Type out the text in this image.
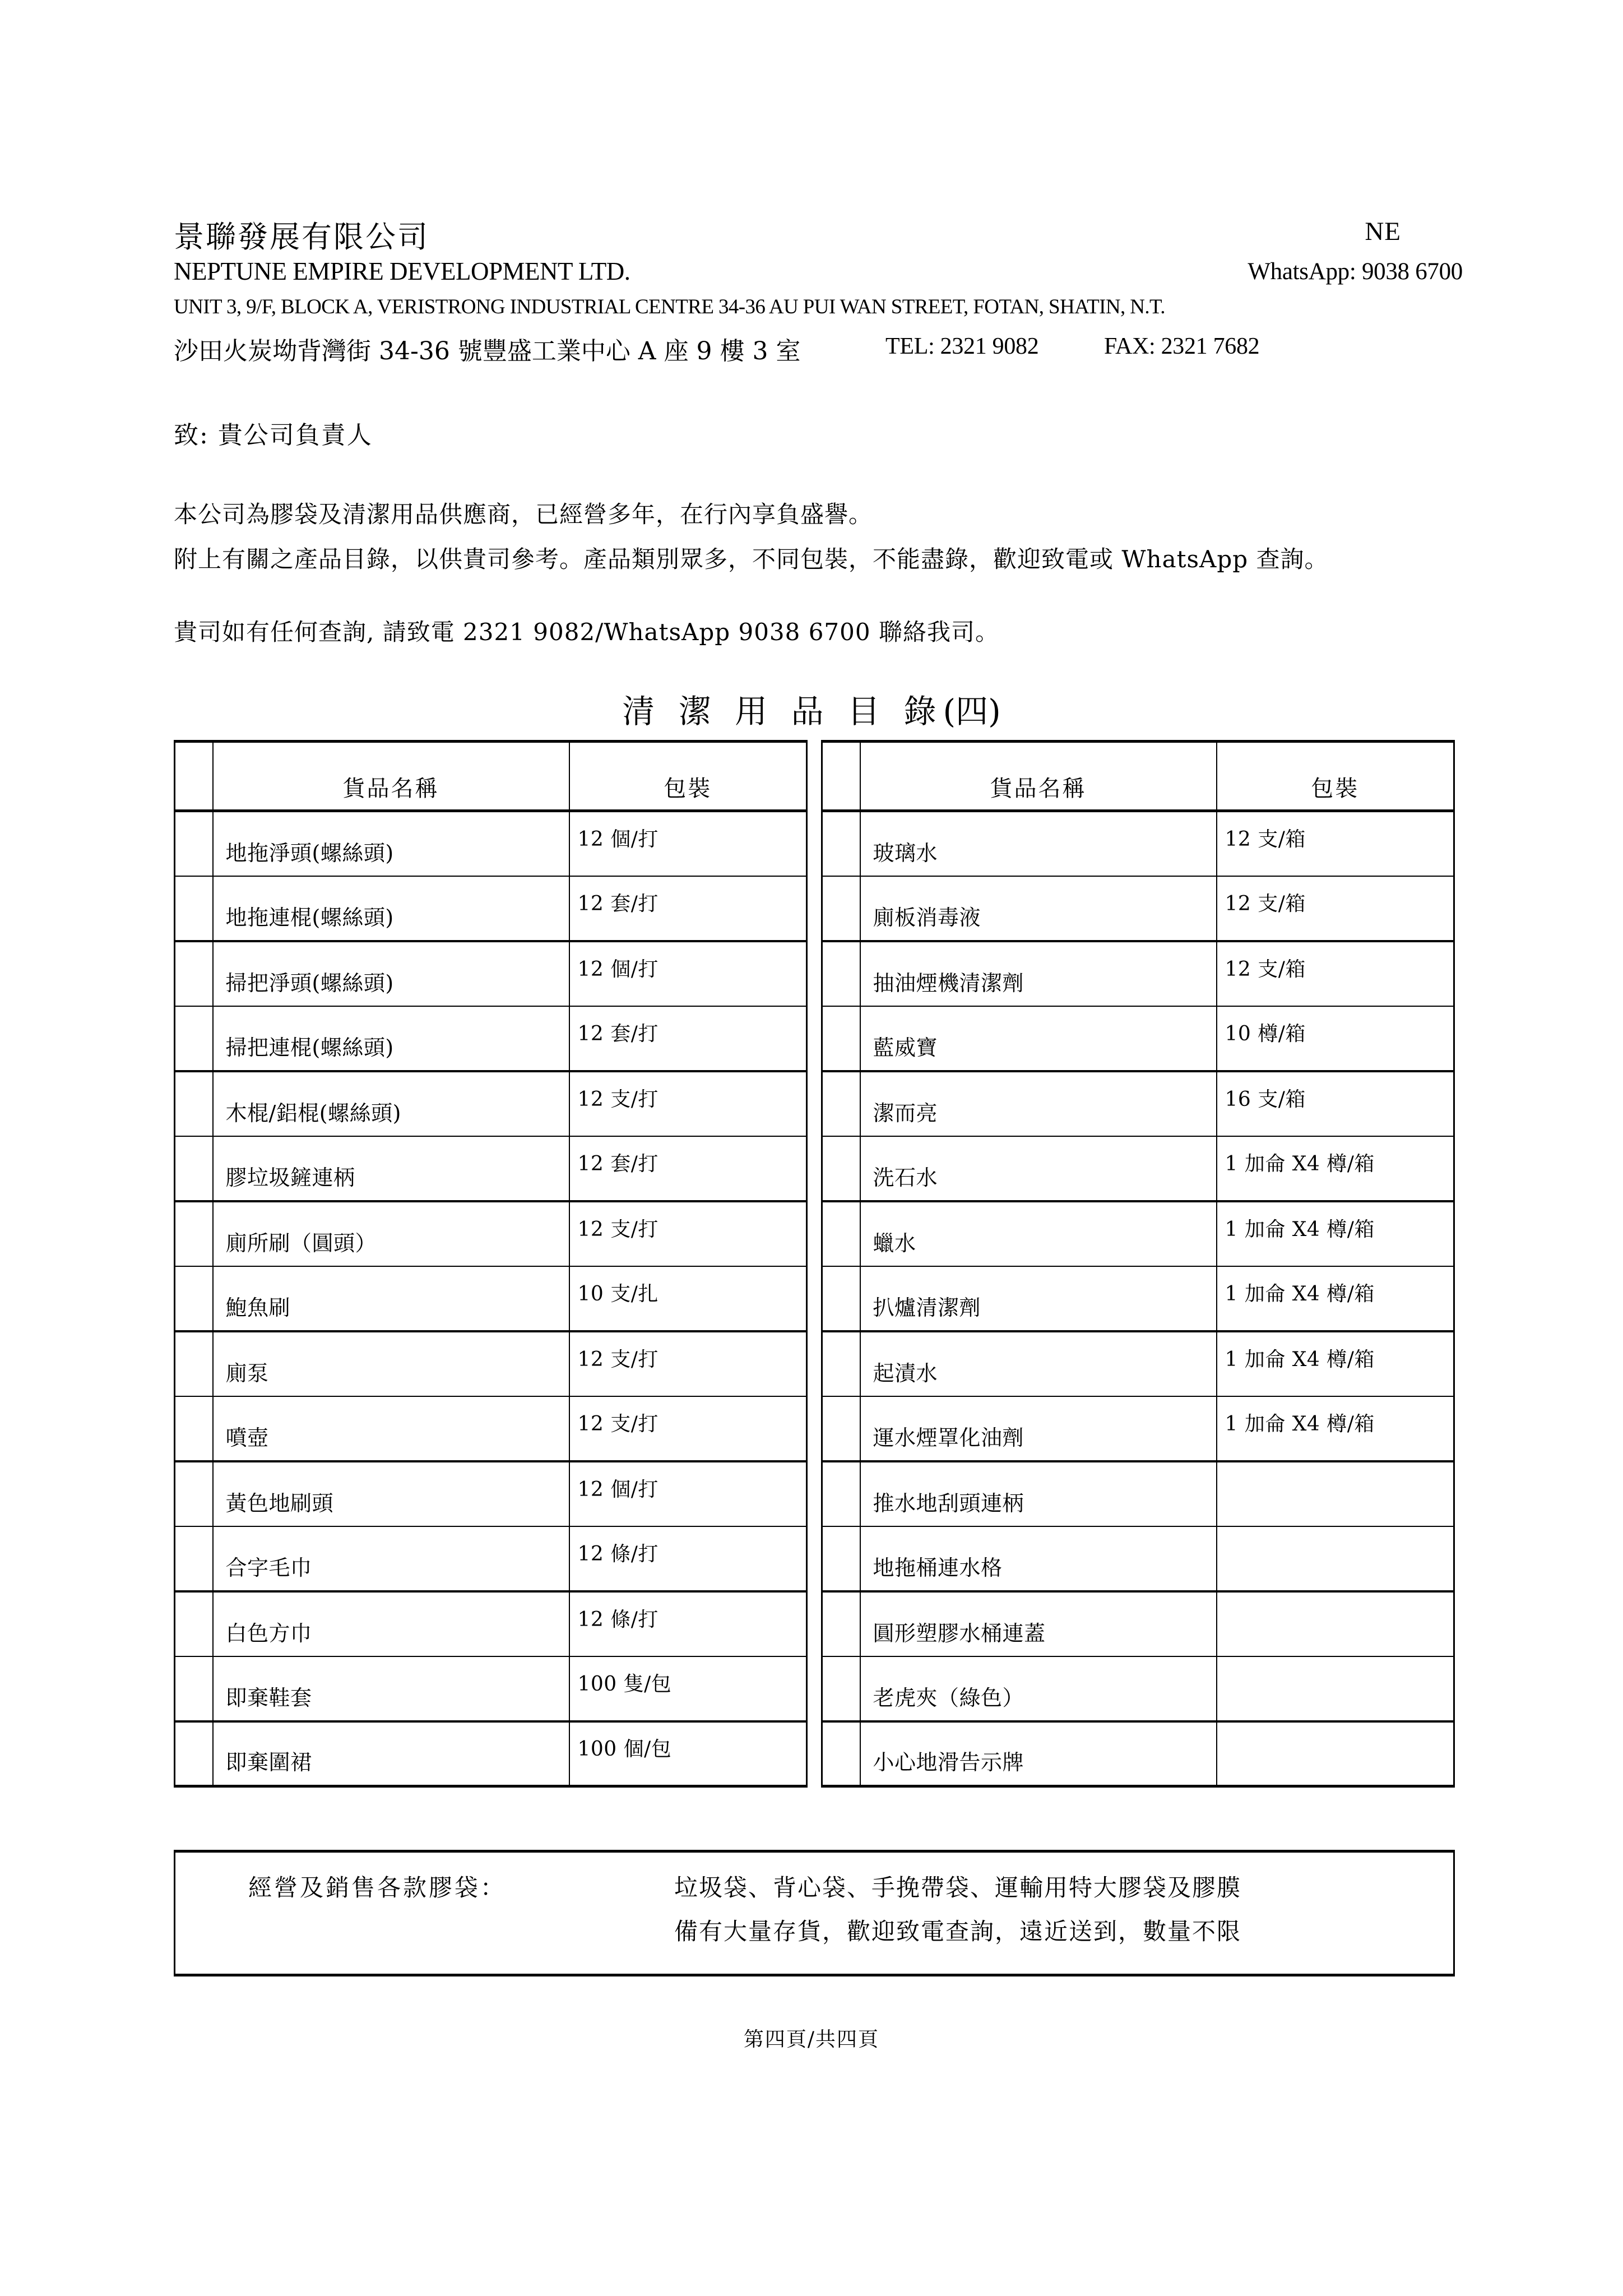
景聯發展有限公司	NE
NEPTUNE EMPIRE DEVELOPMENT LTD.	WhatsApp: 9038 6700
UNIT 3, 9/F, BLOCK A, VERISTRONG INDUSTRIAL CENTRE 34-36 AU PUI WAN STREET, FOTAN, SHATIN, N.T.
沙田火炭坳背灣街 34-36 號豐盛工業中心 A 座 9 樓 3 室	TEL: 2321 9082	FAX: 2321 7682
致: 貴公司負責人
本公司為膠袋及清潔用品供應商，已經營多年，在行內享負盛譽。
附上有關之產品目錄，以供貴司參考。產品類別眾多，不同包裝，不能盡錄，歡迎致電或 WhatsApp 查詢。
貴司如有任何查詢, 請致電 2321 9082/WhatsApp 9038 6700 聯絡我司。
清 潔 用 品 目 錄(四)
	貨品名稱	包裝
	地拖淨頭(螺絲頭)	12 個/打
	地拖連棍(螺絲頭)	12 套/打
	掃把淨頭(螺絲頭)	12 個/打
	掃把連棍(螺絲頭)	12 套/打
	木棍/鋁棍(螺絲頭)	12 支/打
	膠垃圾鏟連柄	12 套/打
	廁所刷（圓頭）	12 支/打
	鮑魚刷	10 支/扎
	廁泵	12 支/打
	噴壺	12 支/打
	黃色地刷頭	12 個/打
	合字毛巾	12 條/打
	白色方巾	12 條/打
	即棄鞋套	100 隻/包
	即棄圍裙	100 個/包
	貨品名稱	包裝
	玻璃水	12 支/箱
	廁板消毒液	12 支/箱
	抽油煙機清潔劑	12 支/箱
	藍威寶	10 樽/箱
	潔而亮	16 支/箱
	洗石水	1 加侖 X4 樽/箱
	蠟水	1 加侖 X4 樽/箱
	扒爐清潔劑	1 加侖 X4 樽/箱
	起漬水	1 加侖 X4 樽/箱
	運水煙罩化油劑	1 加侖 X4 樽/箱
	推水地刮頭連柄	
	地拖桶連水格	
	圓形塑膠水桶連蓋	
	老虎夾（綠色）	
	小心地滑告示牌	
經營及銷售各款膠袋：	垃圾袋、背心袋、手挽帶袋、運輸用特大膠袋及膠膜
備有大量存貨，歡迎致電查詢，遠近送到，數量不限
第四頁/共四頁
